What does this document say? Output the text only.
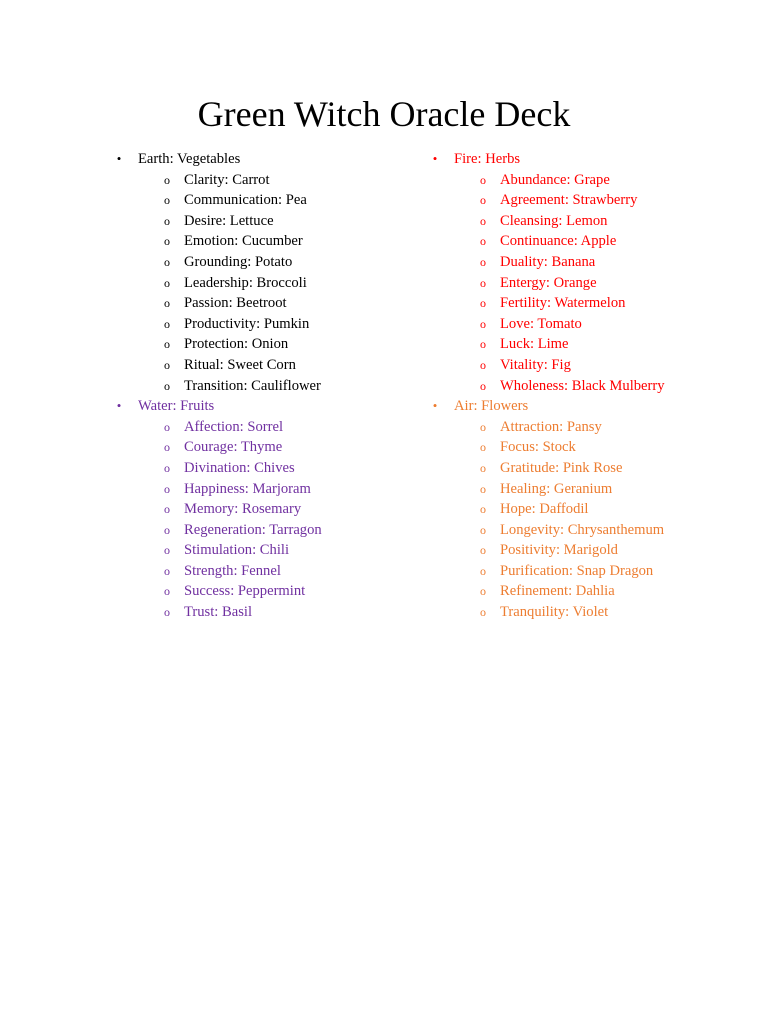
Green Witch Oracle Deck
•	Earth: Vegetables
o Clarity: Carrot
o Communication: Pea
o Desire: Lettuce
o Emotion: Cucumber
o Grounding: Potato
o Leadership: Broccoli
o Passion: Beetroot
o Productivity: Pumkin
o Protection: Onion
o Ritual: Sweet Corn
o Transition: Cauliflower
•	Water: Fruits
o Affection: Sorrel
o Courage: Thyme
o Divination: Chives
o Happiness: Marjoram
o Memory: Rosemary
o Regeneration: Tarragon
o Stimulation: Chili
o Strength: Fennel
o Success: Peppermint
o Trust: Basil
•	Fire: Herbs
o Abundance: Grape
o Agreement: Strawberry
o Cleansing: Lemon
o Continuance: Apple
o Duality: Banana
o Entergy: Orange
o Fertility: Watermelon
o Love: Tomato
o Luck: Lime
o Vitality: Fig
o Wholeness: Black Mulberry
•	Air: Flowers
o Attraction: Pansy
o Focus: Stock
o Gratitude: Pink Rose
o Healing: Geranium
o Hope: Daffodil
o Longevity: Chrysanthemum
o Positivity: Marigold
o Purification: Snap Dragon
o Refinement: Dahlia
o Tranquility: Violet
